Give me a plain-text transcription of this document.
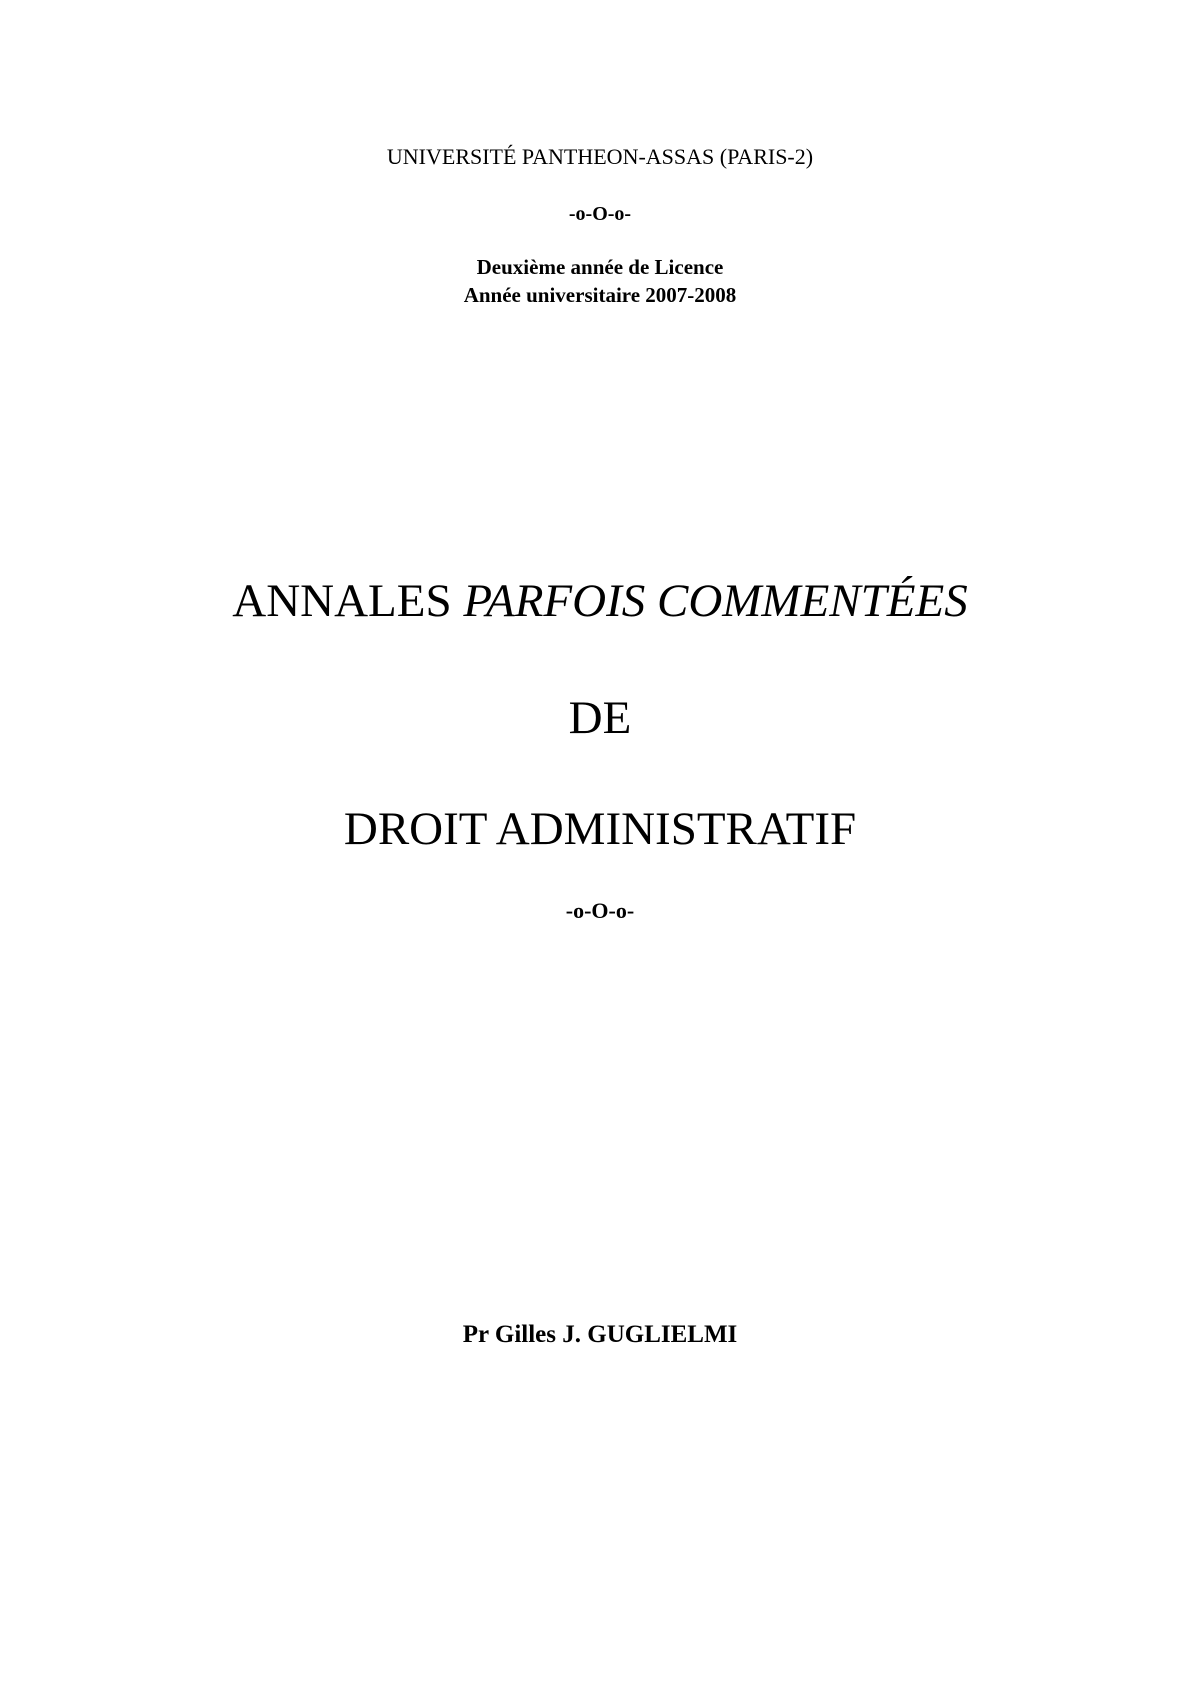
UNIVERSITÉ PANTHEON-ASSAS (PARIS-2)
-o-O-o-
Deuxième année de Licence
Année universitaire 2007-2008
ANNALES PARFOIS COMMENTÉES
DE
DROIT ADMINISTRATIF
-o-O-o-
Pr Gilles J. GUGLIELMI
